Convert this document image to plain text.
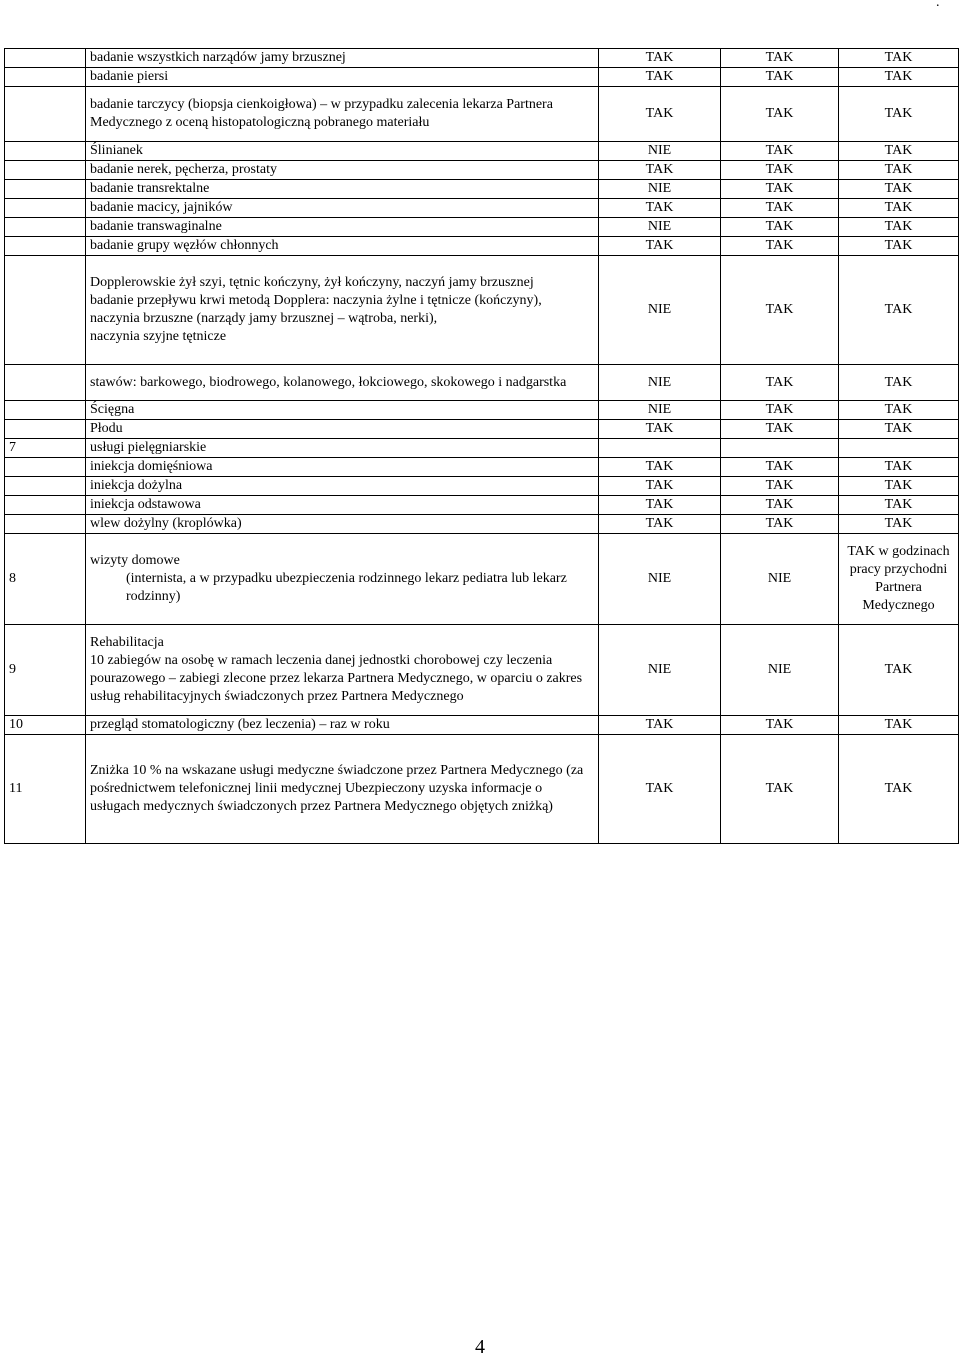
.
	badanie wszystkich narządów jamy brzusznej	TAK	TAK	TAK
	badanie piersi	TAK	TAK	TAK
	badanie tarczycy (biopsja cienkoigłowa) – w przypadku zalecenia lekarza Partnera Medycznego z oceną histopatologiczną pobranego materiału	TAK	TAK	TAK
	Ślinianek	NIE	TAK	TAK
	badanie nerek, pęcherza, prostaty	TAK	TAK	TAK
	badanie transrektalne	NIE	TAK	TAK
	badanie macicy, jajników	TAK	TAK	TAK
	badanie transwaginalne	NIE	TAK	TAK
	badanie grupy węzłów chłonnych	TAK	TAK	TAK

	Dopplerowskie żył szyi, tętnic kończyny, żył kończyny, naczyń jamy brzusznej
badanie przepływu krwi metodą Dopplera: naczynia żylne i tętnicze (kończyny), naczynia brzuszne (narządy jamy brzusznej – wątroba, nerki),
naczynia szyjne tętnicze	NIE	TAK	TAK
	stawów: barkowego, biodrowego, kolanowego, łokciowego, skokowego i nadgarstka	NIE	TAK	TAK
	Ścięgna	NIE	TAK	TAK
	Płodu	TAK	TAK	TAK
7	usługi pielęgniarskie			
	iniekcja domięśniowa	TAK	TAK	TAK
	iniekcja dożylna	TAK	TAK	TAK
	iniekcja odstawowa	TAK	TAK	TAK
	wlew dożylny (kroplówka)	TAK	TAK	TAK
8	wizyty domowe
(internista, a w przypadku ubezpieczenia rodzinnego lekarz pediatra lub lekarz rodzinny)	NIE	NIE	TAK w godzinach pracy przychodni Partnera Medycznego
9	Rehabilitacja
10 zabiegów na osobę w ramach leczenia danej jednostki chorobowej czy leczenia pourazowego – zabiegi zlecone przez lekarza Partnera Medycznego, w oparciu o zakres usług rehabilitacyjnych świadczonych przez Partnera Medycznego	NIE	NIE	TAK
10	przegląd stomatologiczny (bez leczenia) – raz w roku	TAK	TAK	TAK
11	Zniżka 10 % na wskazane usługi medyczne świadczone przez Partnera Medycznego (za pośrednictwem telefonicznej linii medycznej Ubezpieczony uzyska informacje o usługach medycznych świadczonych przez Partnera Medycznego objętych zniżką)	TAK	TAK	TAK
4
